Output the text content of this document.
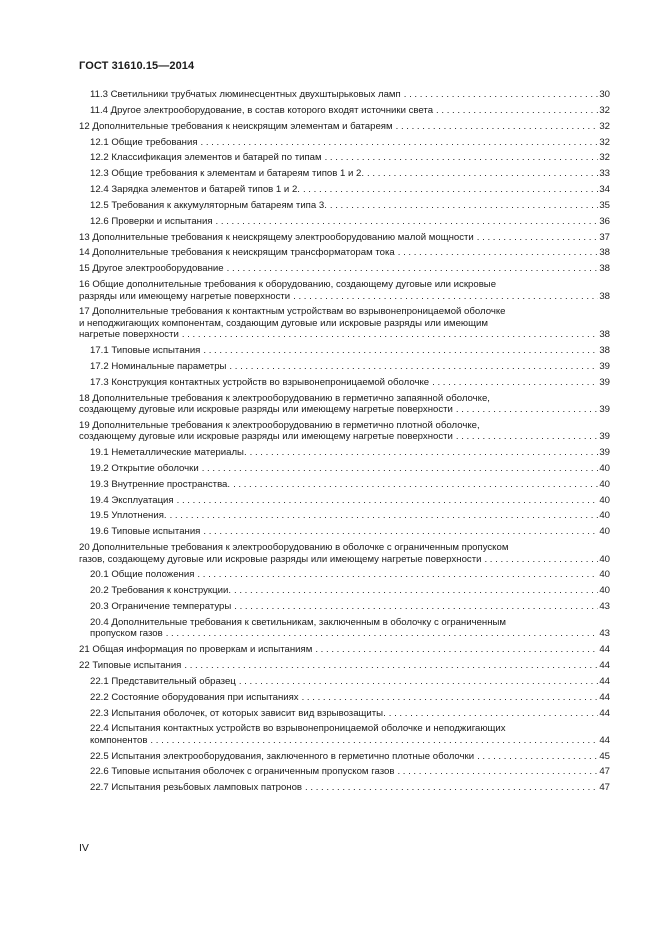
ГОСТ 31610.15—2014
11.3 Светильники трубчатых люминесцентных двухштырьковых ламп . . .	30
11.4 Другое электрооборудование, в состав которого входят источники света . . .	32
12 Дополнительные требования к неискрящим элементам и батареям . . .	32
12.1 Общие требования . . .	32
12.2 Классификация элементов и батарей по типам . . .	32
12.3 Общие требования к элементам и батареям типов 1 и 2. . . .	33
12.4 Зарядка элементов и батарей типов 1 и 2. . . .	34
12.5 Требования к аккумуляторным батареям типа 3. . . .	35
12.6 Проверки и испытания . . .	36
13 Дополнительные требования к неискрящему электрооборудованию малой мощности . . .	37
14 Дополнительные требования к неискрящим трансформаторам тока . . .	38
15 Другое электрооборудование . . .	38
16 Общие дополнительные требования к оборудованию, создающему дуговые или искровые
разряды или имеющему нагретые поверхности . . .	38
17 Дополнительные требования к контактным устройствам во взрывонепроницаемой оболочке
и неподжигающих компонентам, создающим дуговые или искровые разряды или имеющим
нагретые поверхности . . .	38
17.1 Типовые испытания . . .	38
17.2 Номинальные параметры . . .	39
17.3 Конструкция контактных устройств во взрывонепроницаемой оболочке . . .	39
18 Дополнительные требования к электрооборудованию в герметично запаянной оболочке,
создающему дуговые или искровые разряды или имеющему нагретые поверхности . . .	39
19 Дополнительные требования к электрооборудованию в герметично плотной оболочке,
создающему дуговые или искровые разряды или имеющему нагретые поверхности . . .	39
19.1 Неметаллические материалы. . . .	39
19.2 Открытие оболочки . . .	40
19.3 Внутренние пространства. . . .	40
19.4 Эксплуатация . . .	40
19.5 Уплотнения. . . .	40
19.6 Типовые испытания . . .	40
20 Дополнительные требования к электрооборудованию в оболочке с ограниченным пропуском
газов, создающему дуговые или искровые разряды или имеющему нагретые поверхности . . .	40
20.1 Общие положения . . .	40
20.2 Требования к конструкции. . . .	40
20.3 Ограничение температуры . . .	43
20.4 Дополнительные требования к светильникам, заключенным в оболочку с ограниченным
пропуском газов . . .	43
21 Общая информация по проверкам и испытаниям . . .	44
22 Типовые испытания . . .	44
22.1 Представительный образец . . .	44
22.2 Состояние оборудования при испытаниях . . .	44
22.3 Испытания оболочек, от которых зависит вид взрывозащиты. . . .	44
22.4 Испытания контактных устройств во взрывонепроницаемой оболочке и неподжигающих
компонентов . . .	44
22.5 Испытания электрооборудования, заключенного в герметично плотные оболочки . . .	45
22.6 Типовые испытания оболочек с ограниченным пропуском газов . . .	47
22.7 Испытания резьбовых ламповых патронов . . .	47
IV
